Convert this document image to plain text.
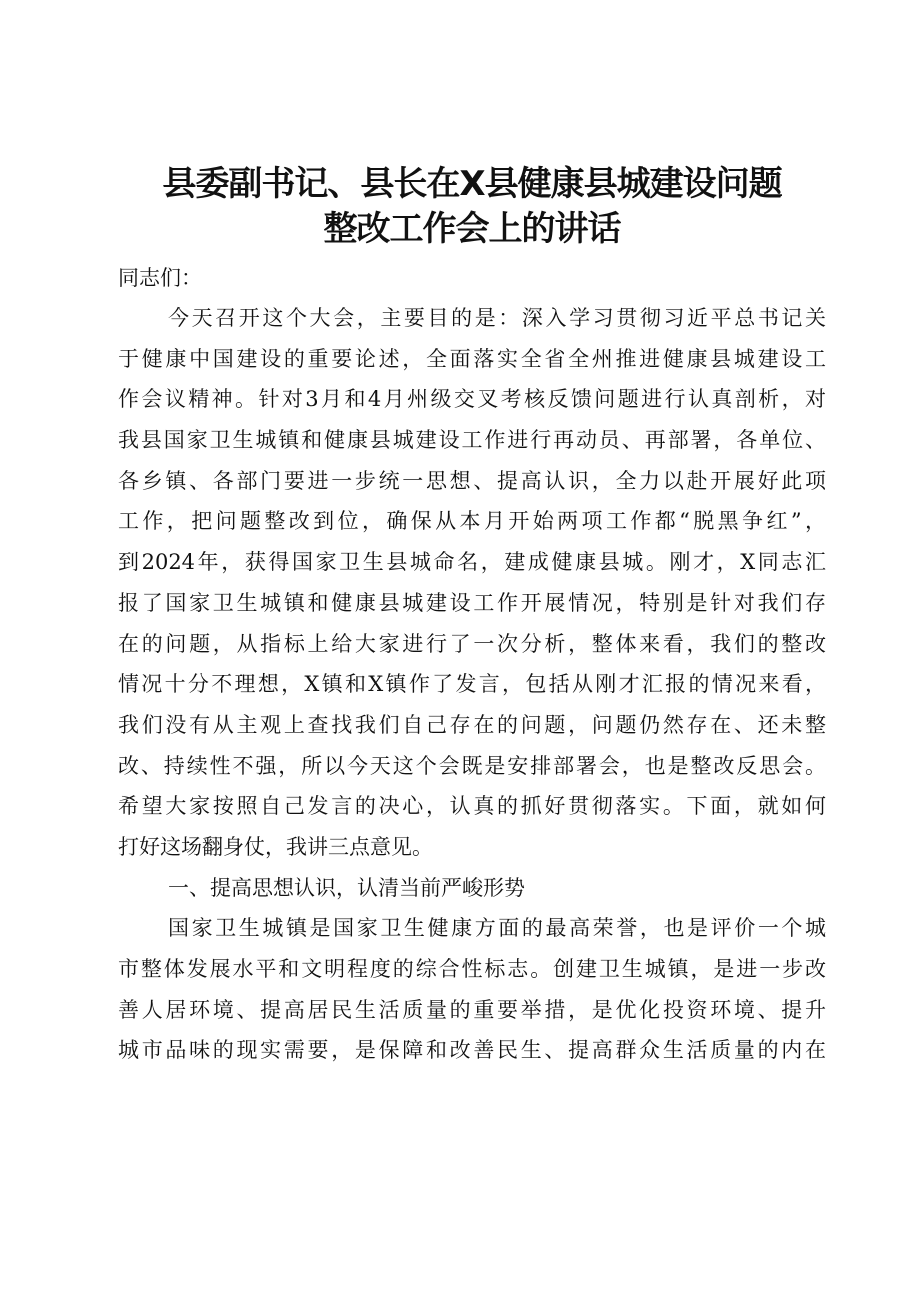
县委副书记、县长在X县健康县城建设问题
整改工作会上的讲话
同志们：
今天召开这个大会，主要目的是：深入学习贯彻习近平总书记关
于健康中国建设的重要论述，全面落实全省全州推进健康县城建设工
作会议精神。针对3月和4月州级交叉考核反馈问题进行认真剖析，对
我县国家卫生城镇和健康县城建设工作进行再动员、再部署，各单位、
各乡镇、各部门要进一步统一思想、提高认识，全力以赴开展好此项
工作，把问题整改到位，确保从本月开始两项工作都“脱黑争红”，
到2024年，获得国家卫生县城命名，建成健康县城。刚才，X同志汇
报了国家卫生城镇和健康县城建设工作开展情况，特别是针对我们存
在的问题，从指标上给大家进行了一次分析，整体来看，我们的整改
情况十分不理想，X镇和X镇作了发言，包括从刚才汇报的情况来看，
我们没有从主观上查找我们自己存在的问题，问题仍然存在、还未整
改、持续性不强，所以今天这个会既是安排部署会，也是整改反思会。
希望大家按照自己发言的决心，认真的抓好贯彻落实。下面，就如何
打好这场翻身仗，我讲三点意见。
一、提高思想认识，认清当前严峻形势
国家卫生城镇是国家卫生健康方面的最高荣誉，也是评价一个城
市整体发展水平和文明程度的综合性标志。创建卫生城镇，是进一步改
善人居环境、提高居民生活质量的重要举措，是优化投资环境、提升
城市品味的现实需要，是保障和改善民生、提高群众生活质量的内在
